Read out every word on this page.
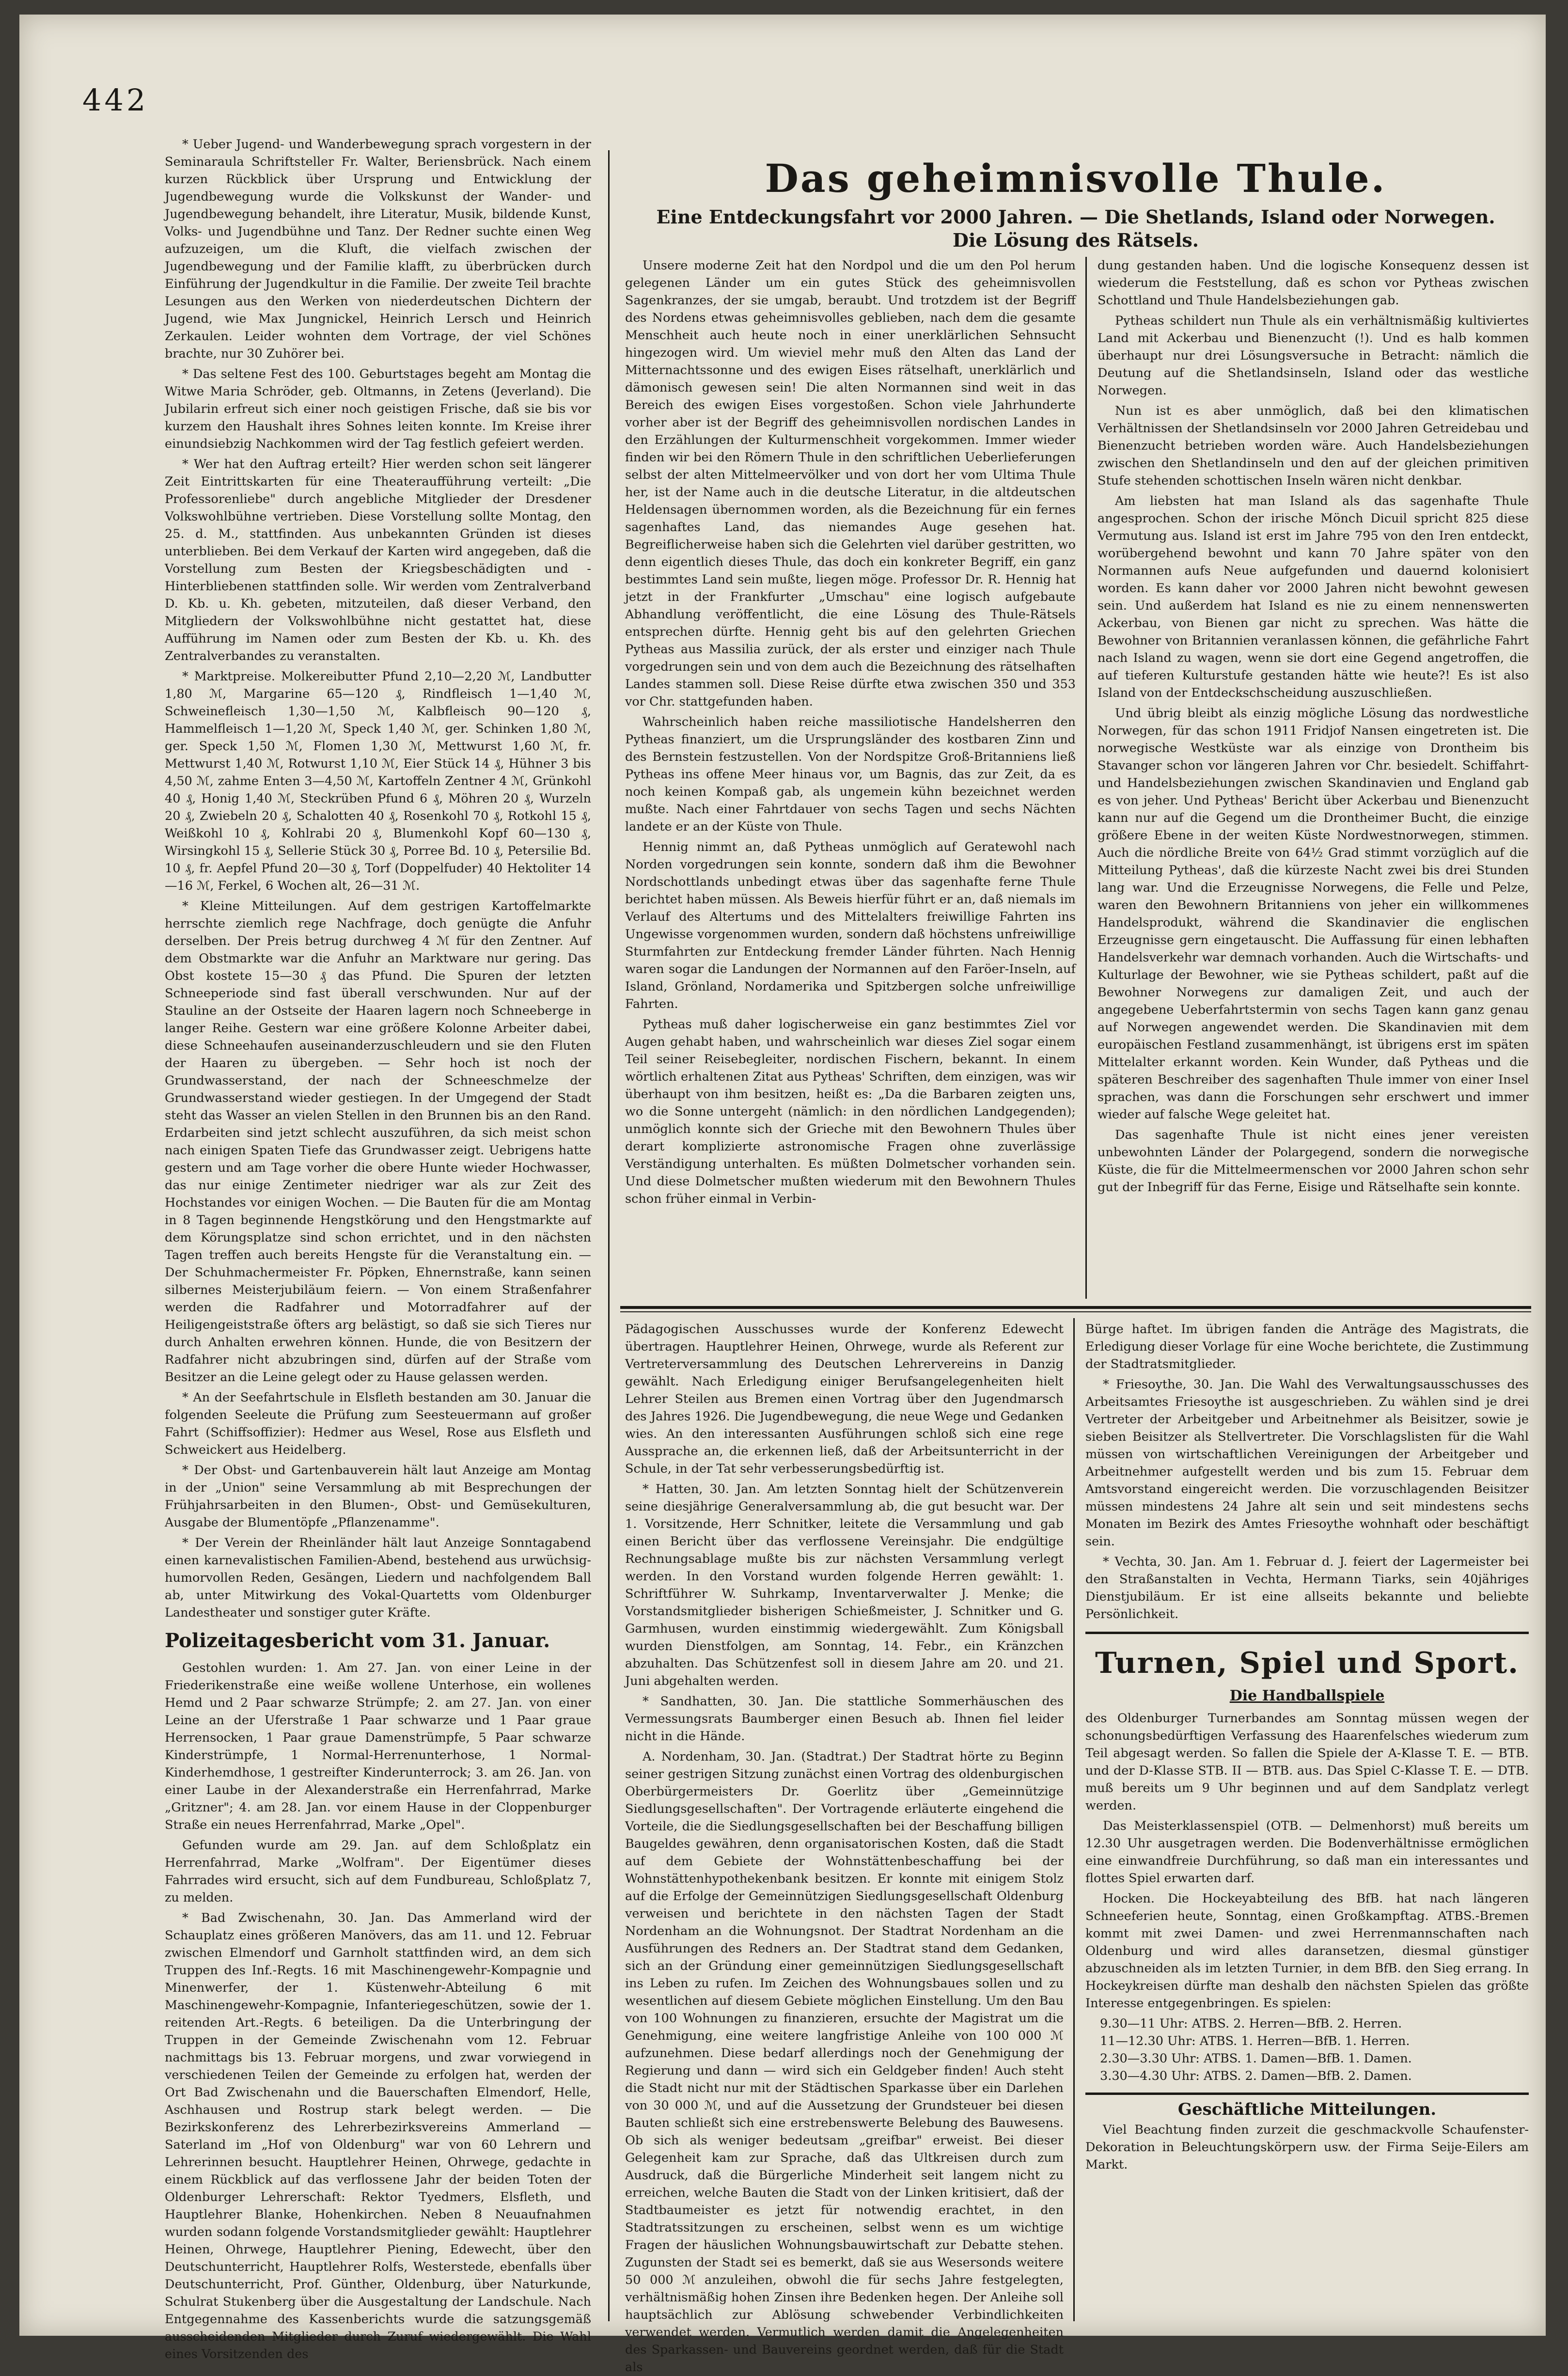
442

* Ueber Jugend- und Wanderbewegung sprach vorgestern in der Seminaraula Schriftsteller Fr. Walter, Beriensbrück. Nach einem kurzen Rückblick über Ursprung und Entwicklung der Jugendbewegung wurde die Volkskunst der Wander- und Jugendbewegung behandelt, ihre Literatur, Musik, bildende Kunst, Volks- und Jugendbühne und Tanz. Der Redner suchte einen Weg aufzuzeigen, um die Kluft, die vielfach zwischen der Jugendbewegung und der Familie klafft, zu überbrücken durch Einführung der Jugendkultur in die Familie. Der zweite Teil brachte Lesungen aus den Werken von niederdeutschen Dichtern der Jugend, wie Max Jungnickel, Heinrich Lersch und Heinrich Zerkaulen. Leider wohnten dem Vortrage, der viel Schönes brachte, nur 30 Zuhörer bei.

* Das seltene Fest des 100. Geburtstages begeht am Montag die Witwe Maria Schröder, geb. Oltmanns, in Zetens (Jeverland). Die Jubilarin erfreut sich einer noch geistigen Frische, daß sie bis vor kurzem den Haushalt ihres Sohnes leiten konnte. Im Kreise ihrer einundsiebzig Nachkommen wird der Tag festlich gefeiert werden.

* Wer hat den Auftrag erteilt? Hier werden schon seit längerer Zeit Eintrittskarten für eine Theateraufführung verteilt: „Die Professorenliebe" durch angebliche Mitglieder der Dresdener Volkswohlbühne vertrieben. Diese Vorstellung sollte Montag, den 25. d. M., stattfinden. Aus unbekannten Gründen ist dieses unterblieben. Bei dem Verkauf der Karten wird angegeben, daß die Vorstellung zum Besten der Kriegsbeschädigten und -Hinterbliebenen stattfinden solle. Wir werden vom Zentralverband D. Kb. u. Kh. gebeten, mitzuteilen, daß dieser Verband, den Mitgliedern der Volkswohlbühne nicht gestattet hat, diese Aufführung im Namen oder zum Besten der Kb. u. Kh. des Zentralverbandes zu veranstalten.

* Marktpreise. Molkereibutter Pfund 2,10—2,20 ℳ, Landbutter 1,80 ℳ, Margarine 65—120 ₰, Rindfleisch 1—1,40 ℳ, Schweinefleisch 1,30—1,50 ℳ, Kalbfleisch 90—120 ₰, Hammelfleisch 1—1,20 ℳ, Speck 1,40 ℳ, ger. Schinken 1,80 ℳ, ger. Speck 1,50 ℳ, Flomen 1,30 ℳ, Mettwurst 1,60 ℳ, fr. Mettwurst 1,40 ℳ, Rotwurst 1,10 ℳ, Eier Stück 14 ₰, Hühner 3 bis 4,50 ℳ, zahme Enten 3—4,50 ℳ, Kartoffeln Zentner 4 ℳ, Grünkohl 40 ₰, Honig 1,40 ℳ, Steckrüben Pfund 6 ₰, Möhren 20 ₰, Wurzeln 20 ₰, Zwiebeln 20 ₰, Schalotten 40 ₰, Rosenkohl 70 ₰, Rotkohl 15 ₰, Weißkohl 10 ₰, Kohlrabi 20 ₰, Blumenkohl Kopf 60—130 ₰, Wirsingkohl 15 ₰, Sellerie Stück 30 ₰, Porree Bd. 10 ₰, Petersilie Bd. 10 ₰, fr. Aepfel Pfund 20—30 ₰, Torf (Doppelfuder) 40 Hektoliter 14—16 ℳ, Ferkel, 6 Wochen alt, 26—31 ℳ.

* Kleine Mitteilungen. Auf dem gestrigen Kartoffelmarkte herrschte ziemlich rege Nachfrage, doch genügte die Anfuhr derselben. Der Preis betrug durchweg 4 ℳ für den Zentner. Auf dem Obstmarkte war die Anfuhr an Marktware nur gering. Das Obst kostete 15—30 ₰ das Pfund. Die Spuren der letzten Schneeperiode sind fast überall verschwunden. Nur auf der Stauline an der Ostseite der Haaren lagern noch Schneeberge in langer Reihe. Gestern war eine größere Kolonne Arbeiter dabei, diese Schneehaufen auseinanderzuschleudern und sie den Fluten der Haaren zu übergeben. — Sehr hoch ist noch der Grundwasserstand, der nach der Schneeschmelze der Grundwasserstand wieder gestiegen. In der Umgegend der Stadt steht das Wasser an vielen Stellen in den Brunnen bis an den Rand. Erdarbeiten sind jetzt schlecht auszuführen, da sich meist schon nach einigen Spaten Tiefe das Grundwasser zeigt. Uebrigens hatte gestern und am Tage vorher die obere Hunte wieder Hochwasser, das nur einige Zentimeter niedriger war als zur Zeit des Hochstandes vor einigen Wochen. — Die Bauten für die am Montag in 8 Tagen beginnende Hengstkörung und den Hengstmarkte auf dem Körungsplatze sind schon errichtet, und in den nächsten Tagen treffen auch bereits Hengste für die Veranstaltung ein. — Der Schuhmachermeister Fr. Pöpken, Ehnernstraße, kann seinen silbernes Meisterjubiläum feiern. — Von einem Straßenfahrer werden die Radfahrer und Motorradfahrer auf der Heiligengeiststraße öfters arg belästigt, so daß sie sich Tieres nur durch Anhalten erwehren können. Hunde, die von Besitzern der Radfahrer nicht abzubringen sind, dürfen auf der Straße vom Besitzer an die Leine gelegt oder zu Hause gelassen werden.

* An der Seefahrtschule in Elsfleth bestanden am 30. Januar die folgenden Seeleute die Prüfung zum Seesteuermann auf großer Fahrt (Schiffsoffizier): Hedmer aus Wesel, Rose aus Elsfleth und Schweickert aus Heidelberg.

* Der Obst- und Gartenbauverein hält laut Anzeige am Montag in der „Union" seine Versammlung ab mit Besprechungen der Frühjahrsarbeiten in den Blumen-, Obst- und Gemüsekulturen, Ausgabe der Blumentöpfe „Pflanzenamme".

* Der Verein der Rheinländer hält laut Anzeige Sonntagabend einen karnevalistischen Familien-Abend, bestehend aus urwüchsig-humorvollen Reden, Gesängen, Liedern und nachfolgendem Ball ab, unter Mitwirkung des Vokal-Quartetts vom Oldenburger Landestheater und sonstiger guter Kräfte.

Polizeitagesbericht vom 31. Januar.

Gestohlen wurden: 1. Am 27. Jan. von einer Leine in der Friederikenstraße eine weiße wollene Unterhose, ein wollenes Hemd und 2 Paar schwarze Strümpfe; 2. am 27. Jan. von einer Leine an der Uferstraße 1 Paar schwarze und 1 Paar graue Herrensocken, 1 Paar graue Damenstrümpfe, 5 Paar schwarze Kinderstrümpfe, 1 Normal-Herrenunterhose, 1 Normal-Kinderhemdhose, 1 gestreifter Kinderunterrock; 3. am 26. Jan. von einer Laube in der Alexanderstraße ein Herrenfahrrad, Marke „Gritzner"; 4. am 28. Jan. vor einem Hause in der Cloppenburger Straße ein neues Herrenfahrrad, Marke „Opel".

Gefunden wurde am 29. Jan. auf dem Schloßplatz ein Herrenfahrrad, Marke „Wolfram". Der Eigentümer dieses Fahrrades wird ersucht, sich auf dem Fundbureau, Schloßplatz 7, zu melden.

* Bad Zwischenahn, 30. Jan. Das Ammerland wird der Schauplatz eines größeren Manövers, das am 11. und 12. Februar zwischen Elmendorf und Garnholt stattfinden wird, an dem sich Truppen des Inf.-Regts. 16 mit Maschinengewehr-Kompagnie und Minenwerfer, der 1. Küstenwehr-Abteilung 6 mit Maschinengewehr-Kompagnie, Infanteriegeschützen, sowie der 1. reitenden Art.-Regts. 6 beteiligen. Da die Unterbringung der Truppen in der Gemeinde Zwischenahn vom 12. Februar nachmittags bis 13. Februar morgens, und zwar vorwiegend in verschiedenen Teilen der Gemeinde zu erfolgen hat, werden der Ort Bad Zwischenahn und die Bauerschaften Elmendorf, Helle, Aschhausen und Rostrup stark belegt werden. — Die Bezirkskonferenz des Lehrerbezirksvereins Ammerland — Saterland im „Hof von Oldenburg" war von 60 Lehrern und Lehrerinnen besucht. Hauptlehrer Heinen, Ohrwege, gedachte in einem Rückblick auf das verflossene Jahr der beiden Toten der Oldenburger Lehrerschaft: Rektor Tyedmers, Elsfleth, und Hauptlehrer Blanke, Hohenkirchen. Neben 8 Neuaufnahmen wurden sodann folgende Vorstandsmitglieder gewählt: Hauptlehrer Heinen, Ohrwege, Hauptlehrer Piening, Edewecht, über den Deutschunterricht, Hauptlehrer Rolfs, Westerstede, ebenfalls über Deutschunterricht, Prof. Günther, Oldenburg, über Naturkunde, Schulrat Stukenberg über die Ausgestaltung der Landschule. Nach Entgegennahme des Kassenberichts wurde die satzungsgemäß ausscheidenden Mitglieder durch Zuruf wiedergewählt. Die Wahl eines Vorsitzenden des

Das geheimnisvolle Thule.
Eine Entdeckungsfahrt vor 2000 Jahren. — Die Shetlands, Island oder Norwegen.
Die Lösung des Rätsels.

Unsere moderne Zeit hat den Nordpol und die um den Pol herum gelegenen Länder um ein gutes Stück des geheimnisvollen Sagenkranzes, der sie umgab, beraubt. Und trotzdem ist der Begriff des Nordens etwas geheimnisvolles geblieben, nach dem die gesamte Menschheit auch heute noch in einer unerklärlichen Sehnsucht hingezogen wird. Um wieviel mehr muß den Alten das Land der Mitternachtssonne und des ewigen Eises rätselhaft, unerklärlich und dämonisch gewesen sein! Die alten Normannen sind weit in das Bereich des ewigen Eises vorgestoßen. Schon viele Jahrhunderte vorher aber ist der Begriff des geheimnisvollen nordischen Landes in den Erzählungen der Kulturmenschheit vorgekommen. Immer wieder finden wir bei den Römern Thule in den schriftlichen Ueberlieferungen selbst der alten Mittelmeervölker und von dort her vom Ultima Thule her, ist der Name auch in die deutsche Literatur, in die altdeutschen Heldensagen übernommen worden, als die Bezeichnung für ein fernes sagenhaftes Land, das niemandes Auge gesehen hat. Begreiflicherweise haben sich die Gelehrten viel darüber gestritten, wo denn eigentlich dieses Thule, das doch ein konkreter Begriff, ein ganz bestimmtes Land sein mußte, liegen möge. Professor Dr. R. Hennig hat jetzt in der Frankfurter „Umschau" eine logisch aufgebaute Abhandlung veröffentlicht, die eine Lösung des Thule-Rätsels entsprechen dürfte. Hennig geht bis auf den gelehrten Griechen Pytheas aus Massilia zurück, der als erster und einziger nach Thule vorgedrungen sein und von dem auch die Bezeichnung des rätselhaften Landes stammen soll. Diese Reise dürfte etwa zwischen 350 und 353 vor Chr. stattgefunden haben.

Wahrscheinlich haben reiche massiliotische Handelsherren den Pytheas finanziert, um die Ursprungsländer des kostbaren Zinn und des Bernstein festzustellen. Von der Nordspitze Groß-Britanniens ließ Pytheas ins offene Meer hinaus vor, um Bagnis, das zur Zeit, da es noch keinen Kompaß gab, als ungemein kühn bezeichnet werden mußte. Nach einer Fahrtdauer von sechs Tagen und sechs Nächten landete er an der Küste von Thule.

Hennig nimmt an, daß Pytheas unmöglich auf Geratewohl nach Norden vorgedrungen sein konnte, sondern daß ihm die Bewohner Nordschottlands unbedingt etwas über das sagenhafte ferne Thule berichtet haben müssen. Als Beweis hierfür führt er an, daß niemals im Verlauf des Altertums und des Mittelalters freiwillige Fahrten ins Ungewisse vorgenommen wurden, sondern daß höchstens unfreiwillige Sturmfahrten zur Entdeckung fremder Länder führten. Nach Hennig waren sogar die Landungen der Normannen auf den Faröer-Inseln, auf Island, Grönland, Nordamerika und Spitzbergen solche unfreiwillige Fahrten.

Pytheas muß daher logischerweise ein ganz bestimmtes Ziel vor Augen gehabt haben, und wahrscheinlich war dieses Ziel sogar einem Teil seiner Reisebegleiter, nordischen Fischern, bekannt. In einem wörtlich erhaltenen Zitat aus Pytheas' Schriften, dem einzigen, was wir überhaupt von ihm besitzen, heißt es: „Da die Barbaren zeigten uns, wo die Sonne untergeht (nämlich: in den nördlichen Landgegenden); unmöglich konnte sich der Grieche mit den Bewohnern Thules über derart komplizierte astronomische Fragen ohne zuverlässige Verständigung unterhalten. Es müßten Dolmetscher vorhanden sein. Und diese Dolmetscher mußten wiederum mit den Bewohnern Thules schon früher einmal in Verbin-

dung gestanden haben. Und die logische Konsequenz dessen ist wiederum die Feststellung, daß es schon vor Pytheas zwischen Schottland und Thule Handelsbeziehungen gab.

Pytheas schildert nun Thule als ein verhältnismäßig kultiviertes Land mit Ackerbau und Bienenzucht (!). Und es halb kommen überhaupt nur drei Lösungsversuche in Betracht: nämlich die Deutung auf die Shetlandsinseln, Island oder das westliche Norwegen.

Nun ist es aber unmöglich, daß bei den klimatischen Verhältnissen der Shetlandsinseln vor 2000 Jahren Getreidebau und Bienenzucht betrieben worden wäre. Auch Handelsbeziehungen zwischen den Shetlandinseln und den auf der gleichen primitiven Stufe stehenden schottischen Inseln wären nicht denkbar.

Am liebsten hat man Island als das sagenhafte Thule angesprochen. Schon der irische Mönch Dicuil spricht 825 diese Vermutung aus. Island ist erst im Jahre 795 von den Iren entdeckt, worübergehend bewohnt und kann 70 Jahre später von den Normannen aufs Neue aufgefunden und dauernd kolonisiert worden. Es kann daher vor 2000 Jahren nicht bewohnt gewesen sein. Und außerdem hat Island es nie zu einem nennenswerten Ackerbau, von Bienen gar nicht zu sprechen. Was hätte die Bewohner von Britannien veranlassen können, die gefährliche Fahrt nach Island zu wagen, wenn sie dort eine Gegend angetroffen, die auf tieferen Kulturstufe gestanden hätte wie heute?! Es ist also Island von der Entdeckschscheidung auszuschließen.

Und übrig bleibt als einzig mögliche Lösung das nordwestliche Norwegen, für das schon 1911 Fridjof Nansen eingetreten ist. Die norwegische Westküste war als einzige von Drontheim bis Stavanger schon vor längeren Jahren vor Chr. besiedelt. Schiffahrt- und Handelsbeziehungen zwischen Skandinavien und England gab es von jeher. Und Pytheas' Bericht über Ackerbau und Bienenzucht kann nur auf die Gegend um die Drontheimer Bucht, die einzige größere Ebene in der weiten Küste Nordwestnorwegen, stimmen. Auch die nördliche Breite von 64½ Grad stimmt vorzüglich auf die Mitteilung Pytheas', daß die kürzeste Nacht zwei bis drei Stunden lang war. Und die Erzeugnisse Norwegens, die Felle und Pelze, waren den Bewohnern Britanniens von jeher ein willkommenes Handelsprodukt, während die Skandinavier die englischen Erzeugnisse gern eingetauscht. Die Auffassung für einen lebhaften Handelsverkehr war demnach vorhanden. Auch die Wirtschafts- und Kulturlage der Bewohner, wie sie Pytheas schildert, paßt auf die Bewohner Norwegens zur damaligen Zeit, und auch der angegebene Ueberfahrtstermin von sechs Tagen kann ganz genau auf Norwegen angewendet werden. Die Skandinavien mit dem europäischen Festland zusammenhängt, ist übrigens erst im späten Mittelalter erkannt worden. Kein Wunder, daß Pytheas und die späteren Beschreiber des sagenhaften Thule immer von einer Insel sprachen, was dann die Forschungen sehr erschwert und immer wieder auf falsche Wege geleitet hat.

Das sagenhafte Thule ist nicht eines jener vereisten unbewohnten Länder der Polargegend, sondern die norwegische Küste, die für die Mittelmeermenschen vor 2000 Jahren schon sehr gut der Inbegriff für das Ferne, Eisige und Rätselhafte sein konnte.

Pädagogischen Ausschusses wurde der Konferenz Edewecht übertragen. Hauptlehrer Heinen, Ohrwege, wurde als Referent zur Vertreterversammlung des Deutschen Lehrervereins in Danzig gewählt. Nach Erledigung einiger Berufsangelegenheiten hielt Lehrer Steilen aus Bremen einen Vortrag über den Jugendmarsch des Jahres 1926. Die Jugendbewegung, die neue Wege und Gedanken wies. An den interessanten Ausführungen schloß sich eine rege Aussprache an, die erkennen ließ, daß der Arbeitsunterricht in der Schule, in der Tat sehr verbesserungsbedürftig ist.

* Hatten, 30. Jan. Am letzten Sonntag hielt der Schützenverein seine diesjährige Generalversammlung ab, die gut besucht war. Der 1. Vorsitzende, Herr Schnitker, leitete die Versammlung und gab einen Bericht über das verflossene Vereinsjahr. Die endgültige Rechnungsablage mußte bis zur nächsten Versammlung verlegt werden. In den Vorstand wurden folgende Herren gewählt: 1. Schriftführer W. Suhrkamp, Inventarverwalter J. Menke; die Vorstandsmitglieder bisherigen Schießmeister, J. Schnitker und G. Garmhusen, wurden einstimmig wiedergewählt. Zum Königsball wurden Dienstfolgen, am Sonntag, 14. Febr., ein Kränzchen abzuhalten. Das Schützenfest soll in diesem Jahre am 20. und 21. Juni abgehalten werden.

* Sandhatten, 30. Jan. Die stattliche Sommerhäuschen des Vermessungsrats Baumberger einen Besuch ab. Ihnen fiel leider nicht in die Hände.

A. Nordenham, 30. Jan. (Stadtrat.) Der Stadtrat hörte zu Beginn seiner gestrigen Sitzung zunächst einen Vortrag des oldenburgischen Oberbürgermeisters Dr. Goerlitz über „Gemeinnützige Siedlungsgesellschaften". Der Vortragende erläuterte eingehend die Vorteile, die die Siedlungsgesellschaften bei der Beschaffung billigen Baugeldes gewähren, denn organisatorischen Kosten, daß die Stadt auf dem Gebiete der Wohnstättenbeschaffung bei der Wohnstättenhypothekenbank besitzen. Er konnte mit einigem Stolz auf die Erfolge der Gemeinnützigen Siedlungsgesellschaft Oldenburg verweisen und berichtete in den nächsten Tagen der Stadt Nordenham an die Wohnungsnot. Der Stadtrat Nordenham an die Ausführungen des Redners an. Der Stadtrat stand dem Gedanken, sich an der Gründung einer gemeinnützigen Siedlungsgesellschaft ins Leben zu rufen. Im Zeichen des Wohnungsbaues sollen und zu wesentlichen auf diesem Gebiete möglichen Einstellung. Um den Bau von 100 Wohnungen zu finanzieren, ersuchte der Magistrat um die Genehmigung, eine weitere langfristige Anleihe von 100 000 ℳ aufzunehmen. Diese bedarf allerdings noch der Genehmigung der Regierung und dann — wird sich ein Geldgeber finden! Auch steht die Stadt nicht nur mit der Städtischen Sparkasse über ein Darlehen von 30 000 ℳ, und auf die Aussetzung der Grundsteuer bei diesen Bauten schließt sich eine erstrebenswerte Belebung des Bauwesens. Ob sich als weniger bedeutsam „greifbar" erweist. Bei dieser Gelegenheit kam zur Sprache, daß das Ultkreisen durch zum Ausdruck, daß die Bürgerliche Minderheit seit langem nicht zu erreichen, welche Bauten die Stadt von der Linken kritisiert, daß der Stadtbaumeister es jetzt für notwendig erachtet, in den Stadtratssitzungen zu erscheinen, selbst wenn es um wichtige Fragen der häuslichen Wohnungsbauwirtschaft zur Debatte stehen. Zugunsten der Stadt sei es bemerkt, daß sie aus Wesersonds weitere 50 000 ℳ anzuleihen, obwohl die für sechs Jahre festgelegten, verhältnismäßig hohen Zinsen ihre Bedenken hegen. Der Anleihe soll hauptsächlich zur Ablösung schwebender Verbindlichkeiten verwendet werden. Vermutlich werden damit die Angelegenheiten des Sparkassen- und Bauvereins geordnet werden, daß für die Stadt als

Bürge haftet. Im übrigen fanden die Anträge des Magistrats, die Erledigung dieser Vorlage für eine Woche berichtete, die Zustimmung der Stadtratsmitglieder.

* Friesoythe, 30. Jan. Die Wahl des Verwaltungsausschusses des Arbeitsamtes Friesoythe ist ausgeschrieben. Zu wählen sind je drei Vertreter der Arbeitgeber und Arbeitnehmer als Beisitzer, sowie je sieben Beisitzer als Stellvertreter. Die Vorschlagslisten für die Wahl müssen von wirtschaftlichen Vereinigungen der Arbeitgeber und Arbeitnehmer aufgestellt werden und bis zum 15. Februar dem Amtsvorstand eingereicht werden. Die vorzuschlagenden Beisitzer müssen mindestens 24 Jahre alt sein und seit mindestens sechs Monaten im Bezirk des Amtes Friesoythe wohnhaft oder beschäftigt sein.

* Vechta, 30. Jan. Am 1. Februar d. J. feiert der Lagermeister bei den Straßanstalten in Vechta, Hermann Tiarks, sein 40jähriges Dienstjubiläum. Er ist eine allseits bekannte und beliebte Persönlichkeit.

Turnen, Spiel und Sport.
Die Handballspiele

des Oldenburger Turnerbandes am Sonntag müssen wegen der schonungsbedürftigen Verfassung des Haarenfelsches wiederum zum Teil abgesagt werden. So fallen die Spiele der A-Klasse T. E. — BTB. und der D-Klasse STB. II — BTB. aus. Das Spiel C-Klasse T. E. — DTB. muß bereits um 9 Uhr beginnen und auf dem Sandplatz verlegt werden.

Das Meisterklassenspiel (OTB. — Delmenhorst) muß bereits um 12.30 Uhr ausgetragen werden. Die Bodenverhältnisse ermöglichen eine einwandfreie Durchführung, so daß man ein interessantes und flottes Spiel erwarten darf.

Hocken. Die Hockeyabteilung des BfB. hat nach längeren Schneeferien heute, Sonntag, einen Großkampftag. ATBS.-Bremen kommt mit zwei Damen- und zwei Herrenmannschaften nach Oldenburg und wird alles daransetzen, diesmal günstiger abzuschneiden als im letzten Turnier, in dem BfB. den Sieg errang. In Hockeykreisen dürfte man deshalb den nächsten Spielen das größte Interesse entgegenbringen. Es spielen:

9.30—11 Uhr: ATBS. 2. Herren—BfB. 2. Herren.
11—12.30 Uhr: ATBS. 1. Herren—BfB. 1. Herren.
2.30—3.30 Uhr: ATBS. 1. Damen—BfB. 1. Damen.
3.30—4.30 Uhr: ATBS. 2. Damen—BfB. 2. Damen.
Geschäftliche Mitteilungen.

Viel Beachtung finden zurzeit die geschmackvolle Schaufenster-Dekoration in Beleuchtungskörpern usw. der Firma Seije-Eilers am Markt.
